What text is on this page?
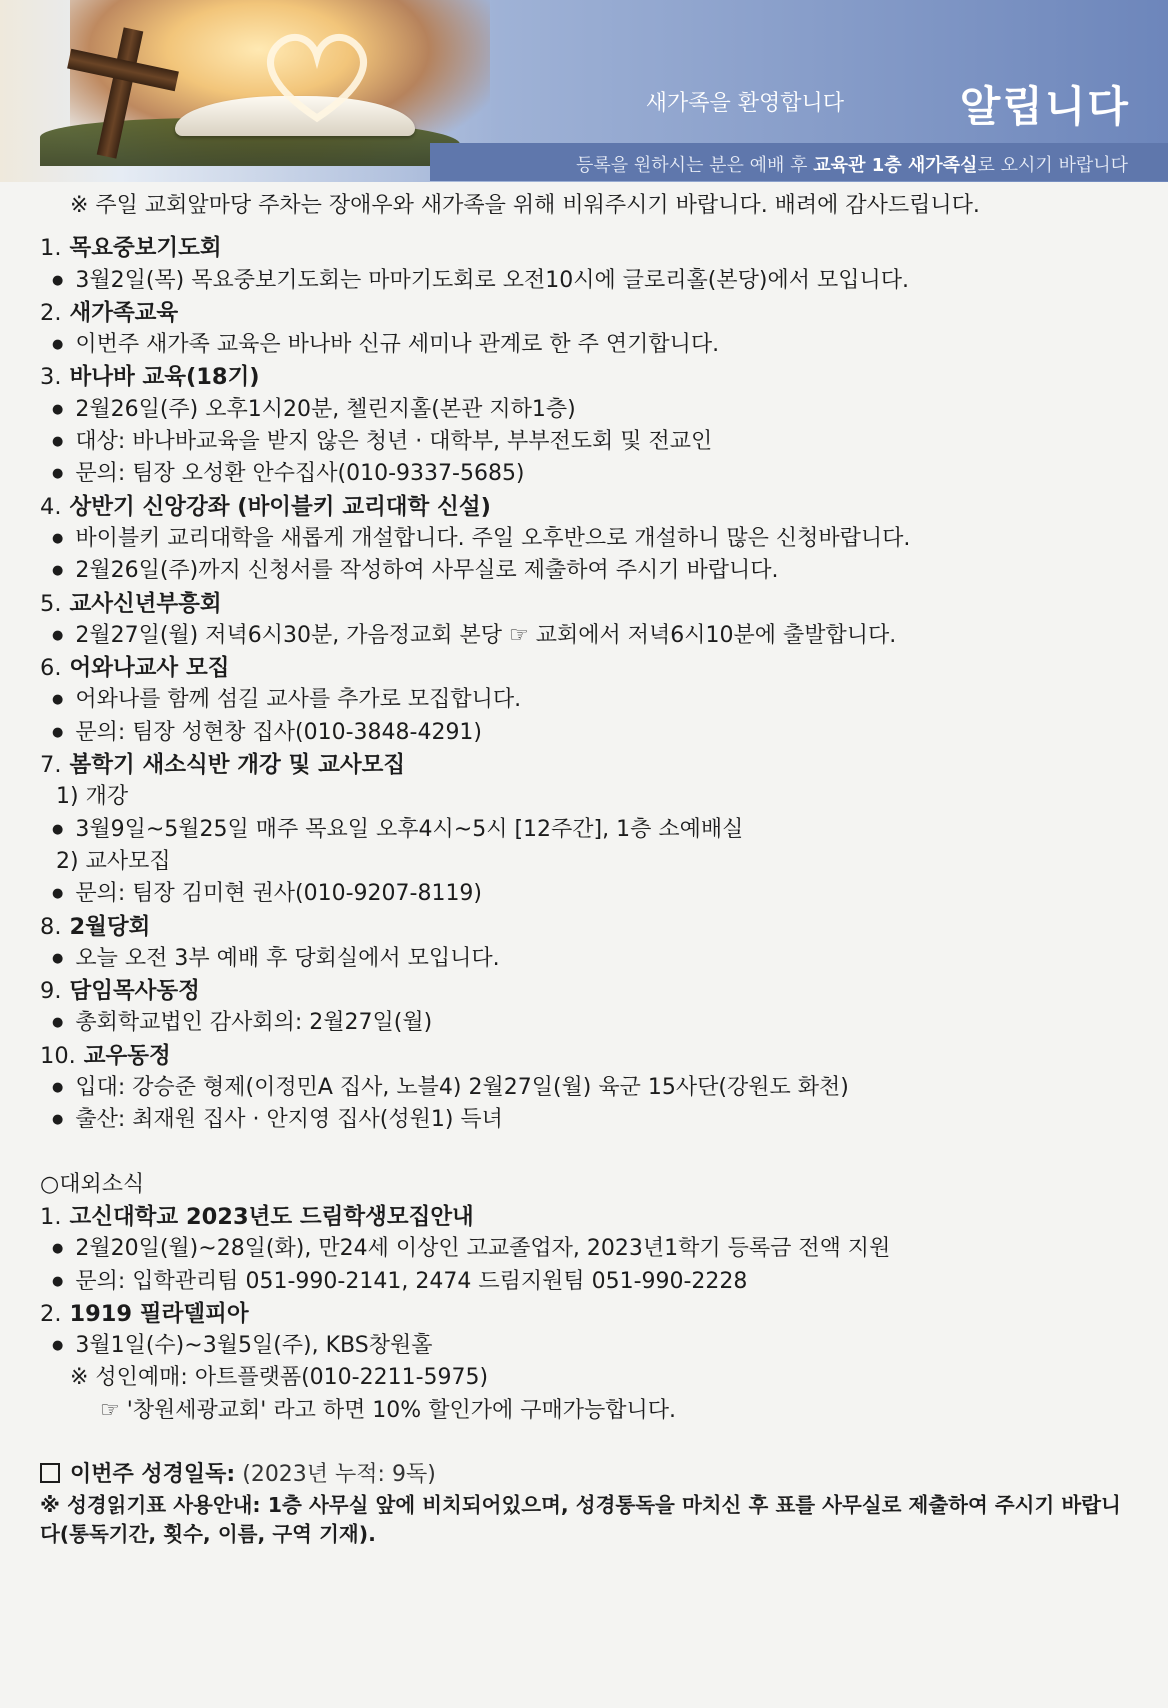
새가족을 환영합니다	알립니다
등록을 원하시는 분은 예배 후 교육관 1층 새가족실로 오시기 바랍니다
※ 주일 교회앞마당 주차는 장애우와 새가족을 위해 비워주시기 바랍니다. 배려에 감사드립니다.
1. 목요중보기도회
● 3월2일(목) 목요중보기도회는 마마기도회로 오전10시에 글로리홀(본당)에서 모입니다.
2. 새가족교육
● 이번주 새가족 교육은 바나바 신규 세미나 관계로 한 주 연기합니다.
3. 바나바 교육(18기)
● 2월26일(주) 오후1시20분, 첼린지홀(본관 지하1층)
● 대상: 바나바교육을 받지 않은 청년 · 대학부, 부부전도회 및 전교인
● 문의: 팀장 오성환 안수집사(010-9337-5685)
4. 상반기 신앙강좌 (바이블키 교리대학 신설)
● 바이블키 교리대학을 새롭게 개설합니다. 주일 오후반으로 개설하니 많은 신청바랍니다.
● 2월26일(주)까지 신청서를 작성하여 사무실로 제출하여 주시기 바랍니다.
5. 교사신년부흥회
● 2월27일(월) 저녁6시30분, 가음정교회 본당 ☞ 교회에서 저녁6시10분에 출발합니다.
6. 어와나교사 모집
● 어와나를 함께 섬길 교사를 추가로 모집합니다.
● 문의: 팀장 성현창 집사(010-3848-4291)
7. 봄학기 새소식반 개강 및 교사모집
1) 개강
● 3월9일~5월25일 매주 목요일 오후4시~5시 [12주간], 1층 소예배실
2) 교사모집
● 문의: 팀장 김미현 권사(010-9207-8119)
8. 2월당회
● 오늘 오전 3부 예배 후 당회실에서 모입니다.
9. 담임목사동정
● 총회학교법인 감사회의: 2월27일(월)
10. 교우동정
● 입대: 강승준 형제(이정민A 집사, 노블4) 2월27일(월) 육군 15사단(강원도 화천)
● 출산: 최재원 집사 · 안지영 집사(성원1) 득녀
○대외소식
1. 고신대학교 2023년도 드림학생모집안내
● 2월20일(월)~28일(화), 만24세 이상인 고교졸업자, 2023년1학기 등록금 전액 지원
● 문의: 입학관리팀 051-990-2141, 2474 드림지원팀 051-990-2228
2. 1919 필라델피아
● 3월1일(수)~3월5일(주), KBS창원홀
※ 성인예매: 아트플랫폼(010-2211-5975)
☞ '창원세광교회' 라고 하면 10% 할인가에 구매가능합니다.
이번주 성경일독: (2023년 누적: 9독)
※ 성경읽기표 사용안내: 1층 사무실 앞에 비치되어있으며, 성경통독을 마치신 후 표를 사무실로 제출하여 주시기 바랍니다(통독기간, 횟수, 이름, 구역 기재).
